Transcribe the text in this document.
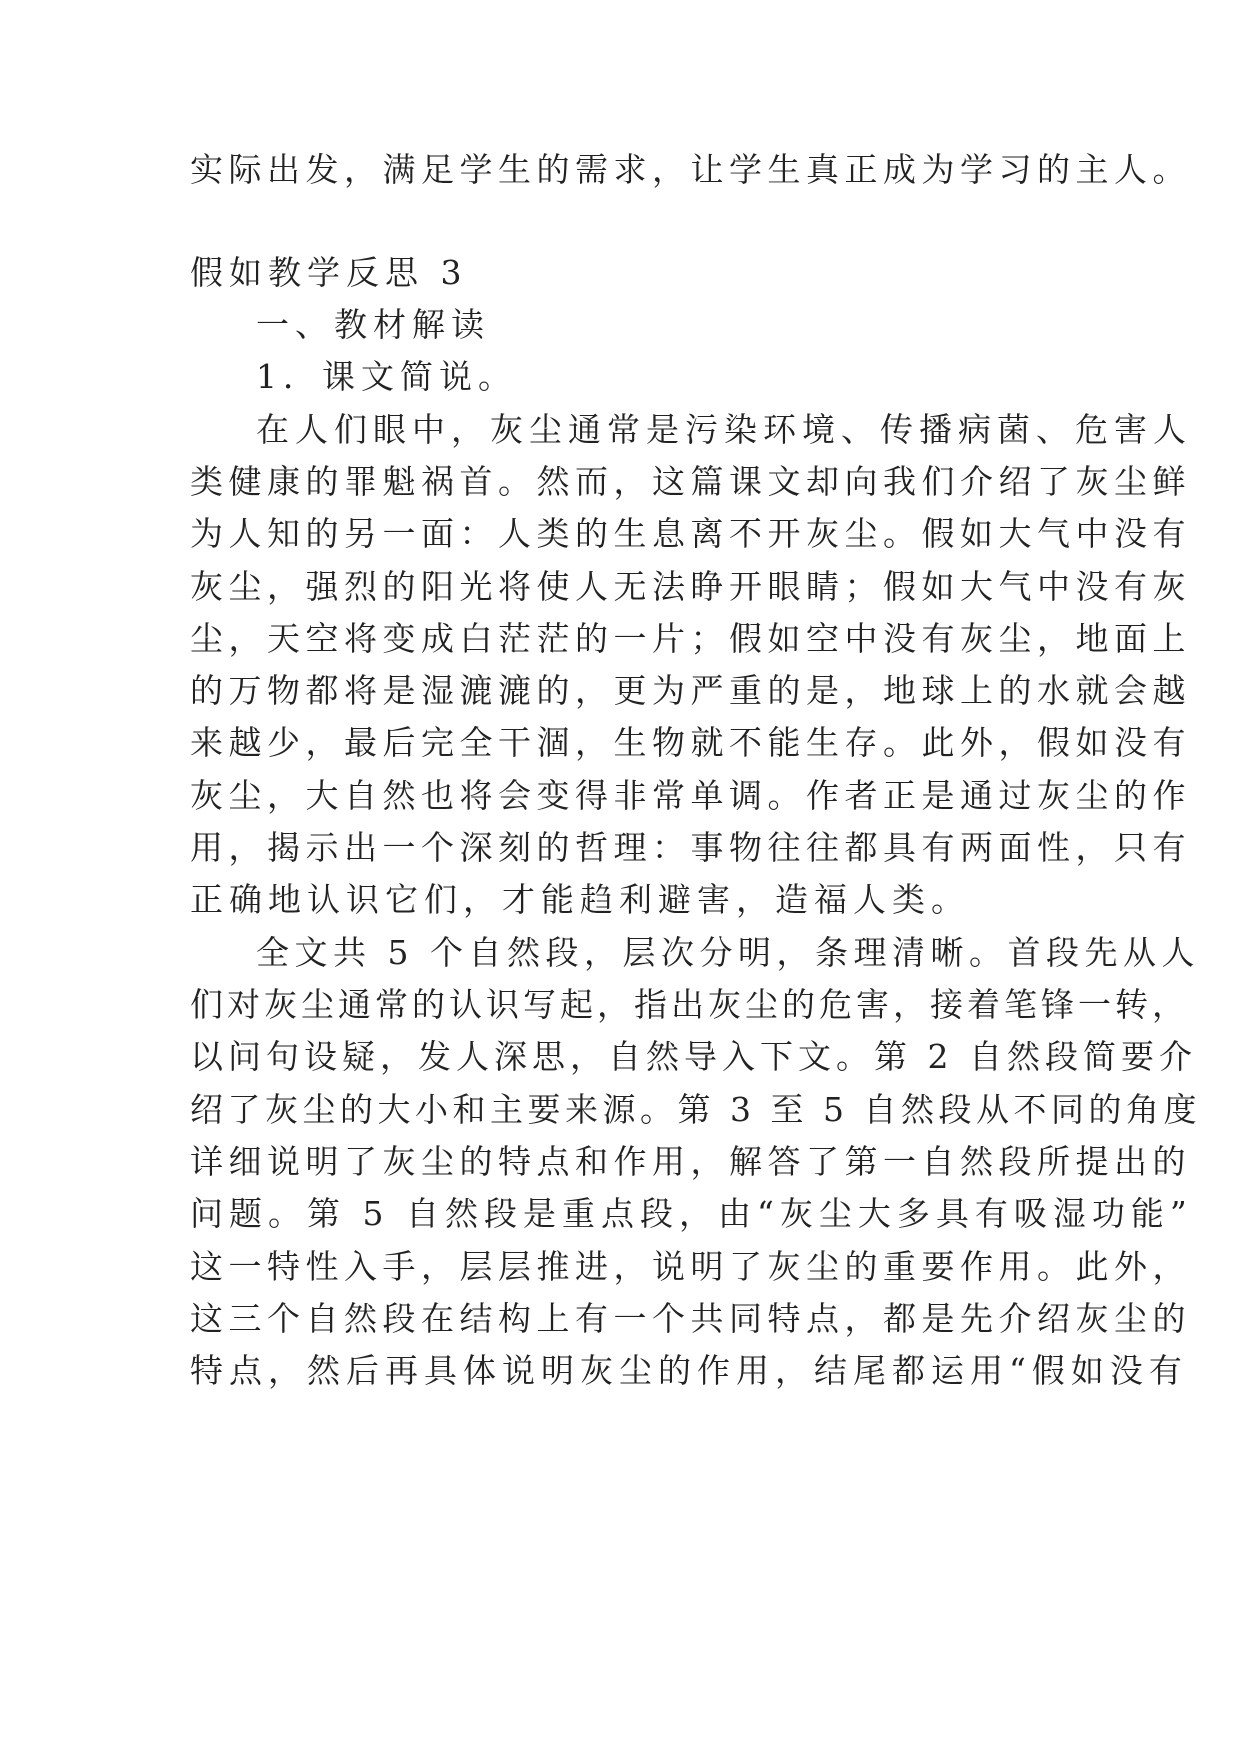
实际出发，满足学生的需求，让学生真正成为学习的主人。
假如教学反思 3
一、教材解读
1．课文简说。
在人们眼中，灰尘通常是污染环境、传播病菌、危害人
类健康的罪魁祸首。然而，这篇课文却向我们介绍了灰尘鲜
为人知的另一面：人类的生息离不开灰尘。假如大气中没有
灰尘，强烈的阳光将使人无法睁开眼睛；假如大气中没有灰
尘，天空将变成白茫茫的一片；假如空中没有灰尘，地面上
的万物都将是湿漉漉的，更为严重的是，地球上的水就会越
来越少，最后完全干涸，生物就不能生存。此外，假如没有
灰尘，大自然也将会变得非常单调。作者正是通过灰尘的作
用，揭示出一个深刻的哲理：事物往往都具有两面性，只有
正确地认识它们，才能趋利避害，造福人类。
全文共 5 个自然段，层次分明，条理清晰。首段先从人
们对灰尘通常的认识写起，指出灰尘的危害，接着笔锋一转，
以问句设疑，发人深思，自然导入下文。第 2 自然段简要介
绍了灰尘的大小和主要来源。第 3 至 5 自然段从不同的角度
详细说明了灰尘的特点和作用，解答了第一自然段所提出的
问题。第 5 自然段是重点段，由“灰尘大多具有吸湿功能”
这一特性入手，层层推进，说明了灰尘的重要作用。此外，
这三个自然段在结构上有一个共同特点，都是先介绍灰尘的
特点，然后再具体说明灰尘的作用，结尾都运用“假如没有
